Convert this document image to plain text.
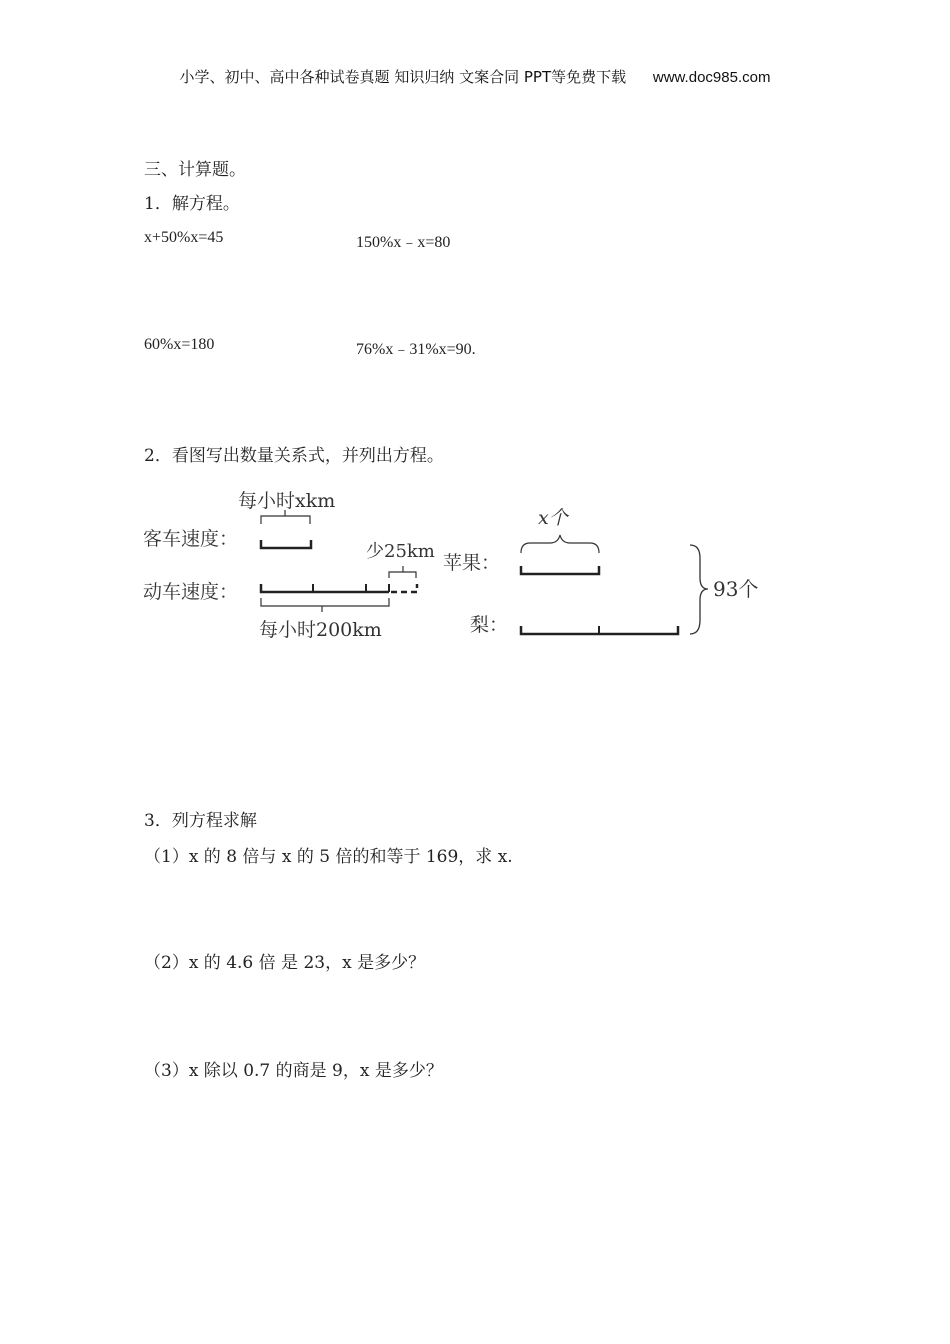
小学、初中、高中各种试卷真题 知识归纳 文案合同 PPT等免费下载 www.doc985.com
三、计算题。
1．解方程。
x+50%x=45	150%x﹣x=80
60%x=180	76%x﹣31%x=90.
2．看图写出数量关系式，并列出方程。
每小时xkm
客车速度：
少25km
动车速度：
每小时200km
x个
苹果：
梨：
93个
3．列方程求解
（1）x 的 8 倍与 x 的 5 倍的和等于 169，求 x.
（2）x 的 4.6 倍 是 23，x 是多少？
（3）x 除以 0.7 的商是 9，x 是多少？
